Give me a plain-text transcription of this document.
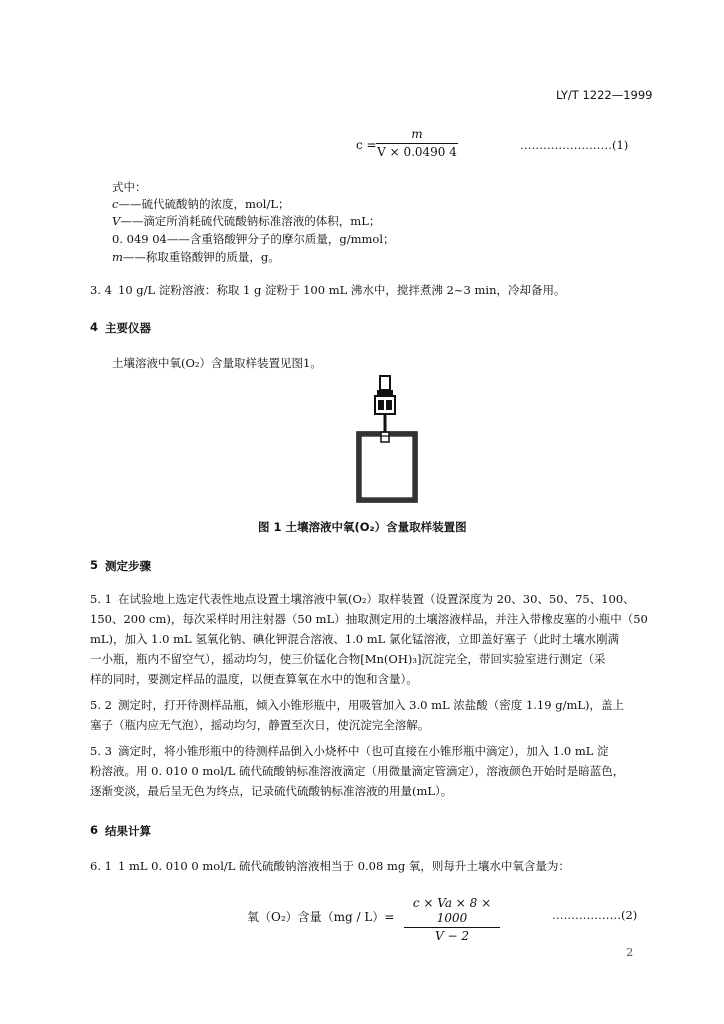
LY/T 1222—1999
c =
m
V × 0.0490 4	……………………(1)
式中：
c——硫代硫酸钠的浓度，mol/L；
V——滴定所消耗硫代硫酸钠标准溶液的体积，mL；
0. 049 04——含重铬酸钾分子的摩尔质量，g/mmol；
m——称取重铬酸钾的质量，g。
3. 4 10 g/L 淀粉溶液：称取 1 g 淀粉于 100 mL 沸水中，搅拌煮沸 2~3 min，冷却备用。
4 主要仪器
土壤溶液中氧(O₂）含量取样装置见图1。
图 1 土壤溶液中氧(O₂）含量取样装置图
5 测定步骤
5. 1 在试验地上选定代表性地点设置土壤溶液中氧(O₂）取样装置（设置深度为 20、30、50、75、100、
150、200 cm)，每次采样时用注射器（50 mL）抽取测定用的土壤溶液样品，并注入带橡皮塞的小瓶中（50
mL)，加入 1.0 mL 氢氧化钠、碘化钾混合溶液、1.0 mL 氯化锰溶液，立即盖好塞子（此时土壤水刚满
一小瓶，瓶内不留空气），摇动均匀，使三价锰化合物[Mn(OH)₃]沉淀完全，带回实验室进行测定（采
样的同时，要测定样品的温度，以便查算氧在水中的饱和含量）。
5. 2 测定时，打开待测样品瓶，倾入小锥形瓶中，用吸管加入 3.0 mL 浓盐酸（密度 1.19 g/mL)，盖上
塞子（瓶内应无气泡），摇动均匀，静置至次日，使沉淀完全溶解。
5. 3 滴定时，将小锥形瓶中的待测样品倒入小烧杯中（也可直接在小锥形瓶中滴定），加入 1.0 mL 淀
粉溶液。用 0. 010 0 mol/L 硫代硫酸钠标准溶液滴定（用微量滴定管滴定），溶液颜色开始时是暗蓝色，
逐渐变淡，最后呈无色为终点，记录硫代硫酸钠标准溶液的用量(mL）。
6 结果计算
6. 1 1 mL 0. 010 0 mol/L 硫代硫酸钠溶液相当于 0.08 mg 氧，则每升土壤水中氧含量为：
氧（O₂）含量（mg / L）=
c × Va × 8 × 1000
V − 2
………………(2)
2
